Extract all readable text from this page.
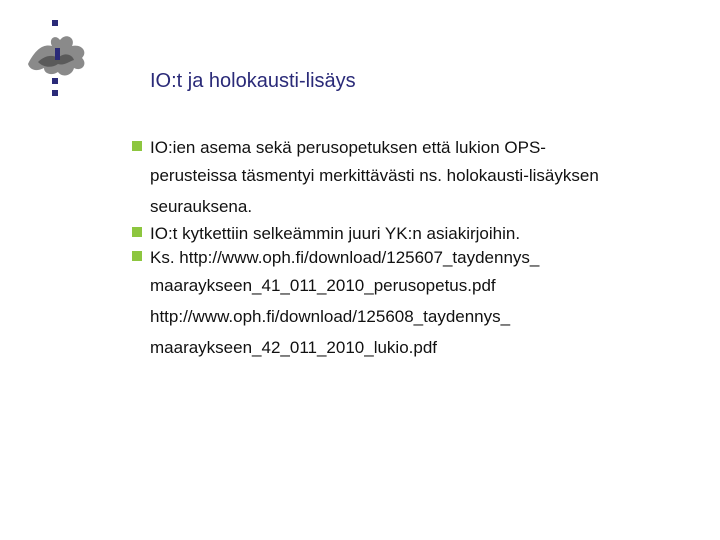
IO:t ja holokausti-lisäys
IO:ien asema sekä perusopetuksen että lukion OPS-
perusteissa täsmentyi merkittävästi ns. holokausti-lisäyksen
seurauksena.
IO:t kytkettiin selkeämmin juuri YK:n asiakirjoihin.
Ks. http://www.oph.fi/download/125607_taydennys_
maaraykseen_41_011_2010_perusopetus.pdf
http://www.oph.fi/download/125608_taydennys_
maaraykseen_42_011_2010_lukio.pdf
